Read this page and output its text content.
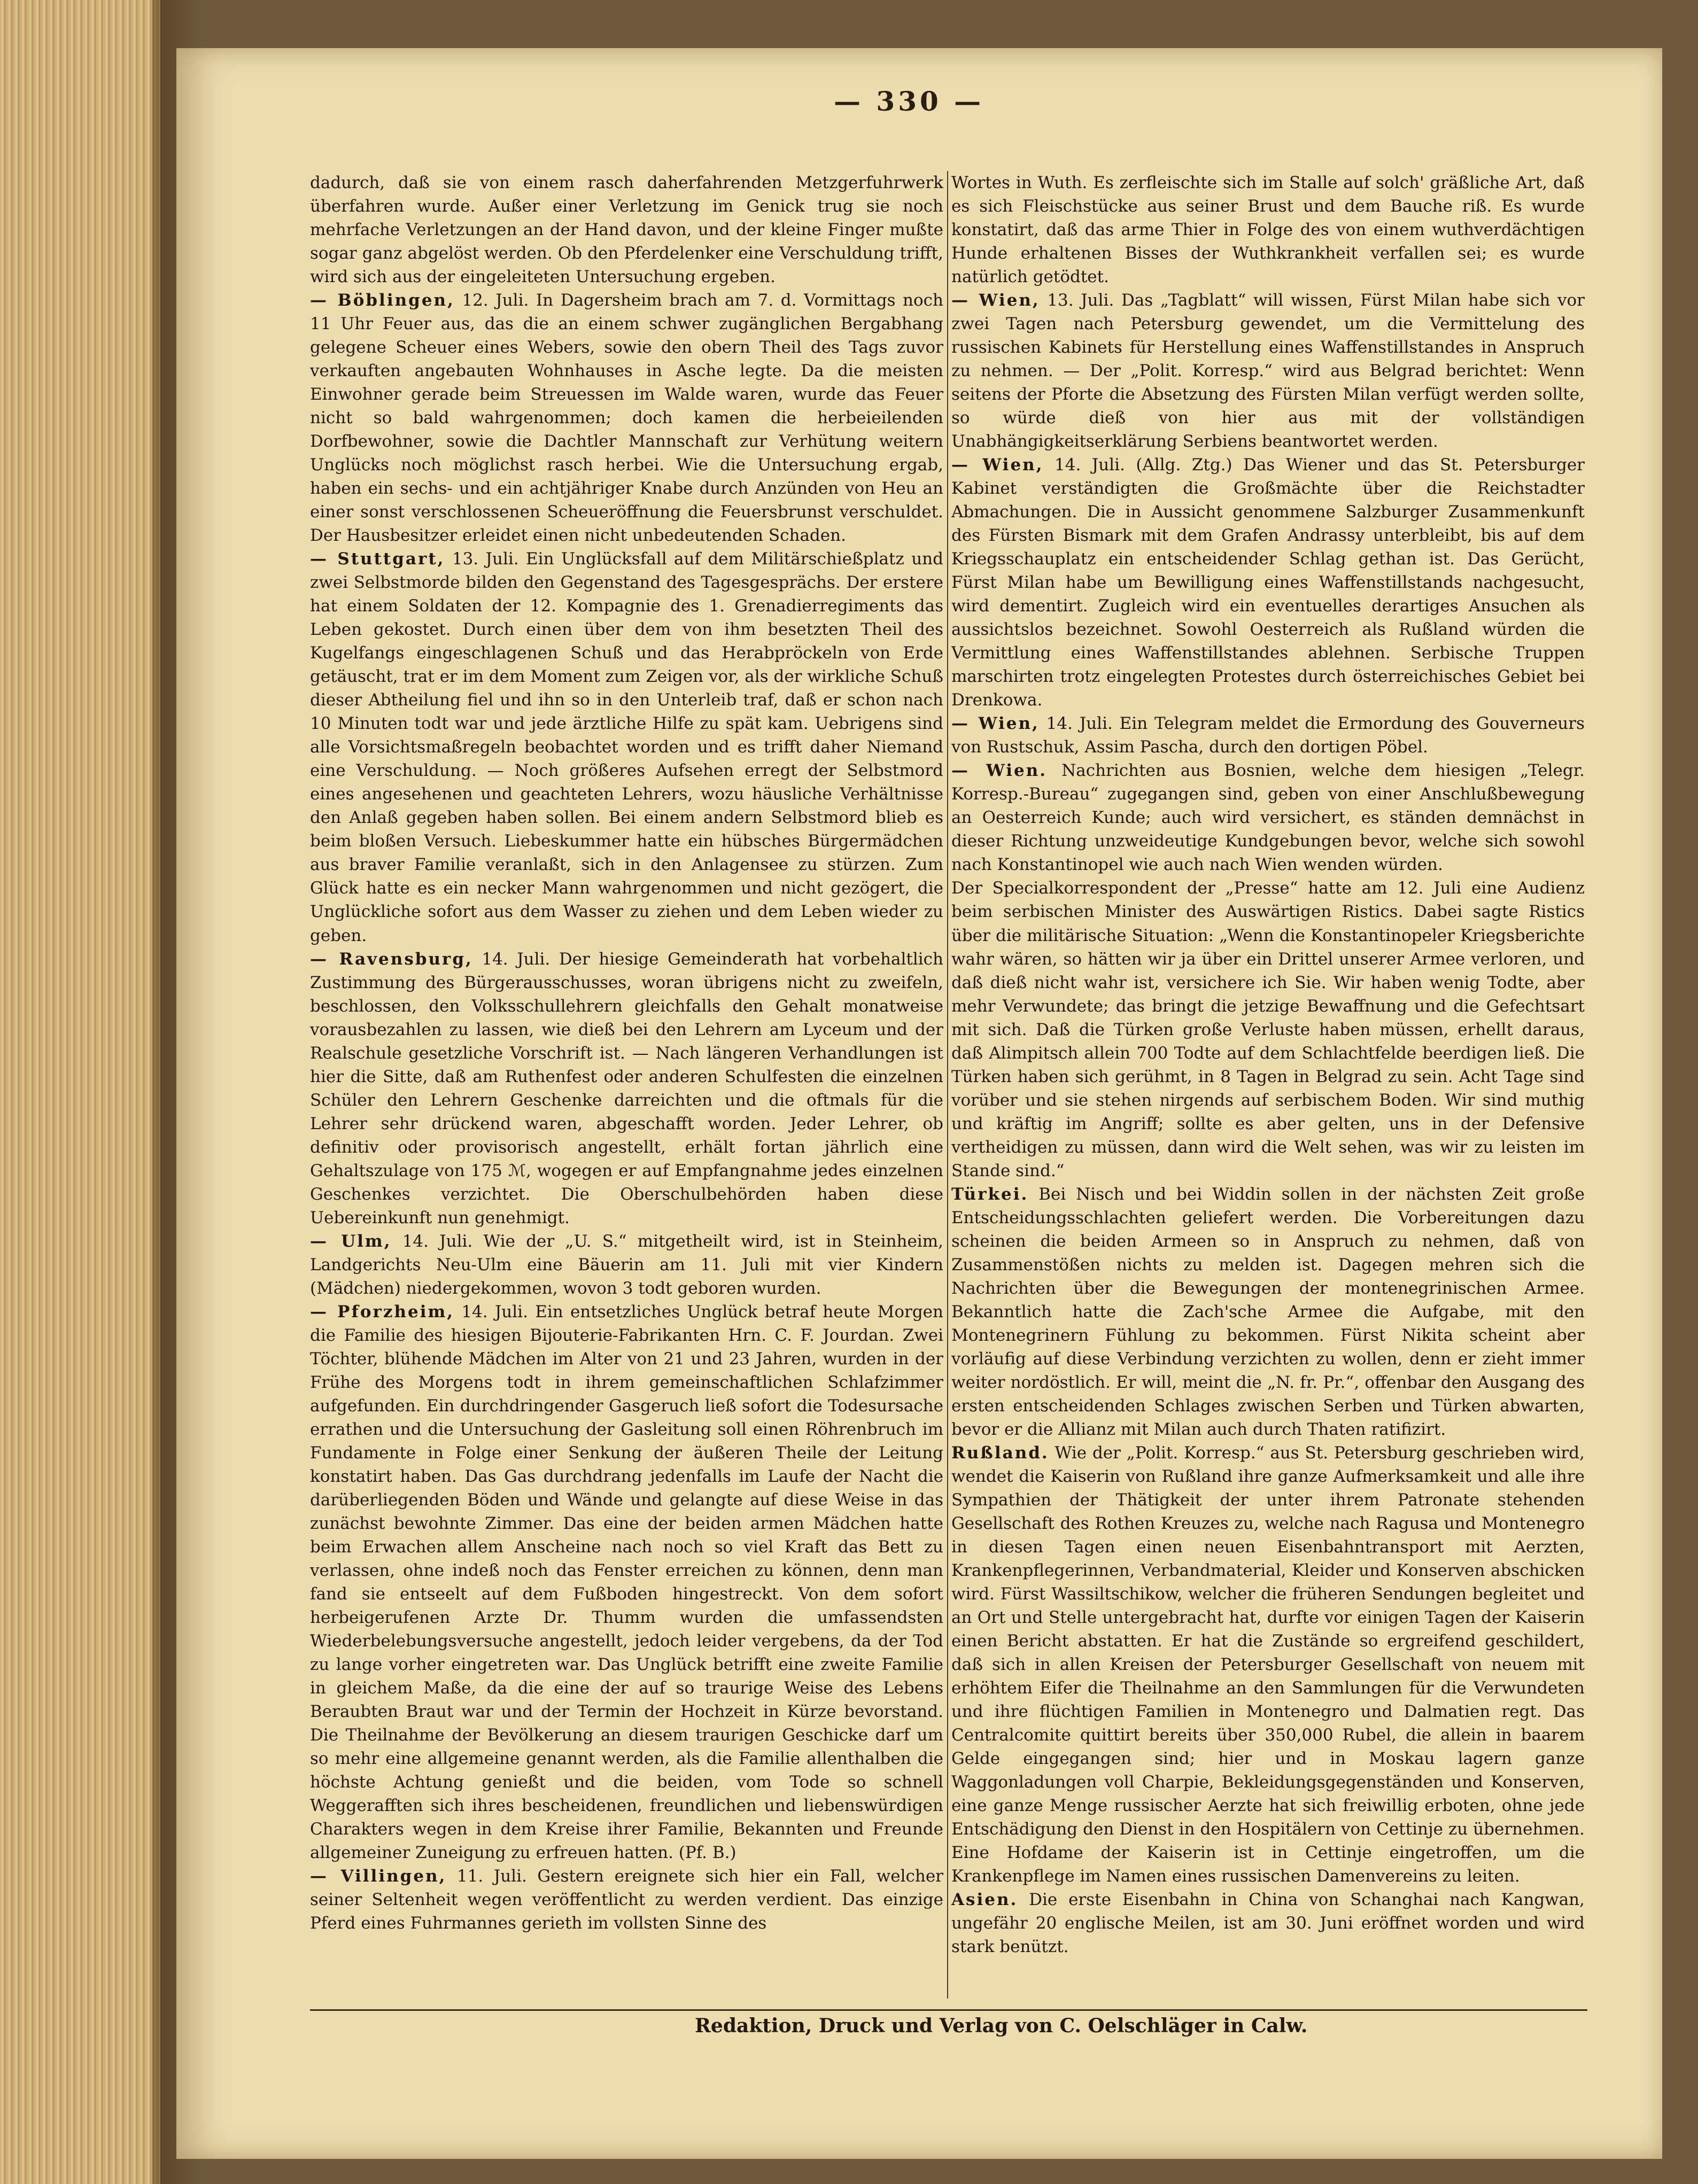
— 330 —

dadurch, daß sie von einem rasch daherfahrenden Metzgerfuhrwerk überfahren wurde. Außer einer Verletzung im Genick trug sie noch mehrfache Verletzungen an der Hand davon, und der kleine Finger mußte sogar ganz abgelöst werden. Ob den Pferdelenker eine Verschuldung trifft, wird sich aus der eingeleiteten Untersuchung ergeben.

— Böblingen, 12. Juli. In Dagersheim brach am 7. d. Vormittags noch 11 Uhr Feuer aus, das die an einem schwer zugänglichen Bergabhang gelegene Scheuer eines Webers, sowie den obern Theil des Tags zuvor verkauften angebauten Wohnhauses in Asche legte. Da die meisten Einwohner gerade beim Streuessen im Walde waren, wurde das Feuer nicht so bald wahrgenommen; doch kamen die herbeieilenden Dorfbewohner, sowie die Dachtler Mannschaft zur Verhütung weitern Unglücks noch möglichst rasch herbei. Wie die Untersuchung ergab, haben ein sechs- und ein achtjähriger Knabe durch Anzünden von Heu an einer sonst verschlossenen Scheueröffnung die Feuersbrunst verschuldet. Der Hausbesitzer erleidet einen nicht unbedeutenden Schaden.

— Stuttgart, 13. Juli. Ein Unglücksfall auf dem Militärschießplatz und zwei Selbstmorde bilden den Gegenstand des Tagesgesprächs. Der erstere hat einem Soldaten der 12. Kompagnie des 1. Grenadierregiments das Leben gekostet. Durch einen über dem von ihm besetzten Theil des Kugelfangs eingeschlagenen Schuß und das Herabpröckeln von Erde getäuscht, trat er im dem Moment zum Zeigen vor, als der wirkliche Schuß dieser Abtheilung fiel und ihn so in den Unterleib traf, daß er schon nach 10 Minuten todt war und jede ärztliche Hilfe zu spät kam. Uebrigens sind alle Vorsichtsmaßregeln beobachtet worden und es trifft daher Niemand eine Verschuldung. — Noch größeres Aufsehen erregt der Selbstmord eines angesehenen und geachteten Lehrers, wozu häusliche Verhältnisse den Anlaß gegeben haben sollen. Bei einem andern Selbstmord blieb es beim bloßen Versuch. Liebeskummer hatte ein hübsches Bürgermädchen aus braver Familie veranlaßt, sich in den Anlagensee zu stürzen. Zum Glück hatte es ein necker Mann wahrgenommen und nicht gezögert, die Unglückliche sofort aus dem Wasser zu ziehen und dem Leben wieder zu geben.

— Ravensburg, 14. Juli. Der hiesige Gemeinderath hat vorbehaltlich Zustimmung des Bürgerausschusses, woran übrigens nicht zu zweifeln, beschlossen, den Volksschullehrern gleichfalls den Gehalt monatweise vorausbezahlen zu lassen, wie dieß bei den Lehrern am Lyceum und der Realschule gesetzliche Vorschrift ist. — Nach längeren Verhandlungen ist hier die Sitte, daß am Ruthenfest oder anderen Schulfesten die einzelnen Schüler den Lehrern Geschenke darreichten und die oftmals für die Lehrer sehr drückend waren, abgeschafft worden. Jeder Lehrer, ob definitiv oder provisorisch angestellt, erhält fortan jährlich eine Gehaltszulage von 175 ℳ, wogegen er auf Empfangnahme jedes einzelnen Geschenkes verzichtet. Die Oberschulbehörden haben diese Uebereinkunft nun genehmigt.

— Ulm, 14. Juli. Wie der „U. S.“ mitgetheilt wird, ist in Steinheim, Landgerichts Neu-Ulm eine Bäuerin am 11. Juli mit vier Kindern (Mädchen) niedergekommen, wovon 3 todt geboren wurden.

— Pforzheim, 14. Juli. Ein entsetzliches Unglück betraf heute Morgen die Familie des hiesigen Bijouterie-Fabrikanten Hrn. C. F. Jourdan. Zwei Töchter, blühende Mädchen im Alter von 21 und 23 Jahren, wurden in der Frühe des Morgens todt in ihrem gemeinschaftlichen Schlafzimmer aufgefunden. Ein durchdringender Gasgeruch ließ sofort die Todesursache errathen und die Untersuchung der Gasleitung soll einen Röhrenbruch im Fundamente in Folge einer Senkung der äußeren Theile der Leitung konstatirt haben. Das Gas durchdrang jedenfalls im Laufe der Nacht die darüberliegenden Böden und Wände und gelangte auf diese Weise in das zunächst bewohnte Zimmer. Das eine der beiden armen Mädchen hatte beim Erwachen allem Anscheine nach noch so viel Kraft das Bett zu verlassen, ohne indeß noch das Fenster erreichen zu können, denn man fand sie entseelt auf dem Fußboden hingestreckt. Von dem sofort herbeigerufenen Arzte Dr. Thumm wurden die umfassendsten Wiederbelebungsversuche angestellt, jedoch leider vergebens, da der Tod zu lange vorher eingetreten war. Das Unglück betrifft eine zweite Familie in gleichem Maße, da die eine der auf so traurige Weise des Lebens Beraubten Braut war und der Termin der Hochzeit in Kürze bevorstand. Die Theilnahme der Bevölkerung an diesem traurigen Geschicke darf um so mehr eine allgemeine genannt werden, als die Familie allenthalben die höchste Achtung genießt und die beiden, vom Tode so schnell Weggerafften sich ihres bescheidenen, freundlichen und liebenswürdigen Charakters wegen in dem Kreise ihrer Familie, Bekannten und Freunde allgemeiner Zuneigung zu erfreuen hatten. (Pf. B.)

— Villingen, 11. Juli. Gestern ereignete sich hier ein Fall, welcher seiner Seltenheit wegen veröffentlicht zu werden verdient. Das einzige Pferd eines Fuhrmannes gerieth im vollsten Sinne des

Wortes in Wuth. Es zerfleischte sich im Stalle auf solch' gräßliche Art, daß es sich Fleischstücke aus seiner Brust und dem Bauche riß. Es wurde konstatirt, daß das arme Thier in Folge des von einem wuthverdächtigen Hunde erhaltenen Bisses der Wuthkrankheit verfallen sei; es wurde natürlich getödtet.

— Wien, 13. Juli. Das „Tagblatt“ will wissen, Fürst Milan habe sich vor zwei Tagen nach Petersburg gewendet, um die Vermittelung des russischen Kabinets für Herstellung eines Waffenstillstandes in Anspruch zu nehmen. — Der „Polit. Korresp.“ wird aus Belgrad berichtet: Wenn seitens der Pforte die Absetzung des Fürsten Milan verfügt werden sollte, so würde dieß von hier aus mit der vollständigen Unabhängigkeitserklärung Serbiens beantwortet werden.

— Wien, 14. Juli. (Allg. Ztg.) Das Wiener und das St. Petersburger Kabinet verständigten die Großmächte über die Reichstadter Abmachungen. Die in Aussicht genommene Salzburger Zusammenkunft des Fürsten Bismark mit dem Grafen Andrassy unterbleibt, bis auf dem Kriegsschauplatz ein entscheidender Schlag gethan ist. Das Gerücht, Fürst Milan habe um Bewilligung eines Waffenstillstands nachgesucht, wird dementirt. Zugleich wird ein eventuelles derartiges Ansuchen als aussichtslos bezeichnet. Sowohl Oesterreich als Rußland würden die Vermittlung eines Waffenstillstandes ablehnen. Serbische Truppen marschirten trotz eingelegten Protestes durch österreichisches Gebiet bei Drenkowa.

— Wien, 14. Juli. Ein Telegram meldet die Ermordung des Gouverneurs von Rustschuk, Assim Pascha, durch den dortigen Pöbel.

— Wien. Nachrichten aus Bosnien, welche dem hiesigen „Telegr. Korresp.-Bureau“ zugegangen sind, geben von einer Anschlußbewegung an Oesterreich Kunde; auch wird versichert, es ständen demnächst in dieser Richtung unzweideutige Kundgebungen bevor, welche sich sowohl nach Konstantinopel wie auch nach Wien wenden würden.

Der Specialkorrespondent der „Presse“ hatte am 12. Juli eine Audienz beim serbischen Minister des Auswärtigen Ristics. Dabei sagte Ristics über die militärische Situation: „Wenn die Konstantinopeler Kriegsberichte wahr wären, so hätten wir ja über ein Drittel unserer Armee verloren, und daß dieß nicht wahr ist, versichere ich Sie. Wir haben wenig Todte, aber mehr Verwundete; das bringt die jetzige Bewaffnung und die Gefechtsart mit sich. Daß die Türken große Verluste haben müssen, erhellt daraus, daß Alimpitsch allein 700 Todte auf dem Schlachtfelde beerdigen ließ. Die Türken haben sich gerühmt, in 8 Tagen in Belgrad zu sein. Acht Tage sind vorüber und sie stehen nirgends auf serbischem Boden. Wir sind muthig und kräftig im Angriff; sollte es aber gelten, uns in der Defensive vertheidigen zu müssen, dann wird die Welt sehen, was wir zu leisten im Stande sind.“

Türkei. Bei Nisch und bei Widdin sollen in der nächsten Zeit große Entscheidungsschlachten geliefert werden. Die Vorbereitungen dazu scheinen die beiden Armeen so in Anspruch zu nehmen, daß von Zusammenstößen nichts zu melden ist. Dagegen mehren sich die Nachrichten über die Bewegungen der montenegrinischen Armee. Bekanntlich hatte die Zach'sche Armee die Aufgabe, mit den Montenegrinern Fühlung zu bekommen. Fürst Nikita scheint aber vorläufig auf diese Verbindung verzichten zu wollen, denn er zieht immer weiter nordöstlich. Er will, meint die „N. fr. Pr.“, offenbar den Ausgang des ersten entscheidenden Schlages zwischen Serben und Türken abwarten, bevor er die Allianz mit Milan auch durch Thaten ratifizirt.

Rußland. Wie der „Polit. Korresp.“ aus St. Petersburg geschrieben wird, wendet die Kaiserin von Rußland ihre ganze Aufmerksamkeit und alle ihre Sympathien der Thätigkeit der unter ihrem Patronate stehenden Gesellschaft des Rothen Kreuzes zu, welche nach Ragusa und Montenegro in diesen Tagen einen neuen Eisenbahntransport mit Aerzten, Krankenpflegerinnen, Verbandmaterial, Kleider und Konserven abschicken wird. Fürst Wassiltschikow, welcher die früheren Sendungen begleitet und an Ort und Stelle untergebracht hat, durfte vor einigen Tagen der Kaiserin einen Bericht abstatten. Er hat die Zustände so ergreifend geschildert, daß sich in allen Kreisen der Petersburger Gesellschaft von neuem mit erhöhtem Eifer die Theilnahme an den Sammlungen für die Verwundeten und ihre flüchtigen Familien in Montenegro und Dalmatien regt. Das Centralcomite quittirt bereits über 350,000 Rubel, die allein in baarem Gelde eingegangen sind; hier und in Moskau lagern ganze Waggonladungen voll Charpie, Bekleidungsgegenständen und Konserven, eine ganze Menge russischer Aerzte hat sich freiwillig erboten, ohne jede Entschädigung den Dienst in den Hospitälern von Cettinje zu übernehmen. Eine Hofdame der Kaiserin ist in Cettinje eingetroffen, um die Krankenpflege im Namen eines russischen Damenvereins zu leiten.

Asien. Die erste Eisenbahn in China von Schanghai nach Kangwan, ungefähr 20 englische Meilen, ist am 30. Juni eröffnet worden und wird stark benützt.

Redaktion, Druck und Verlag von C. Oelschläger in Calw.
